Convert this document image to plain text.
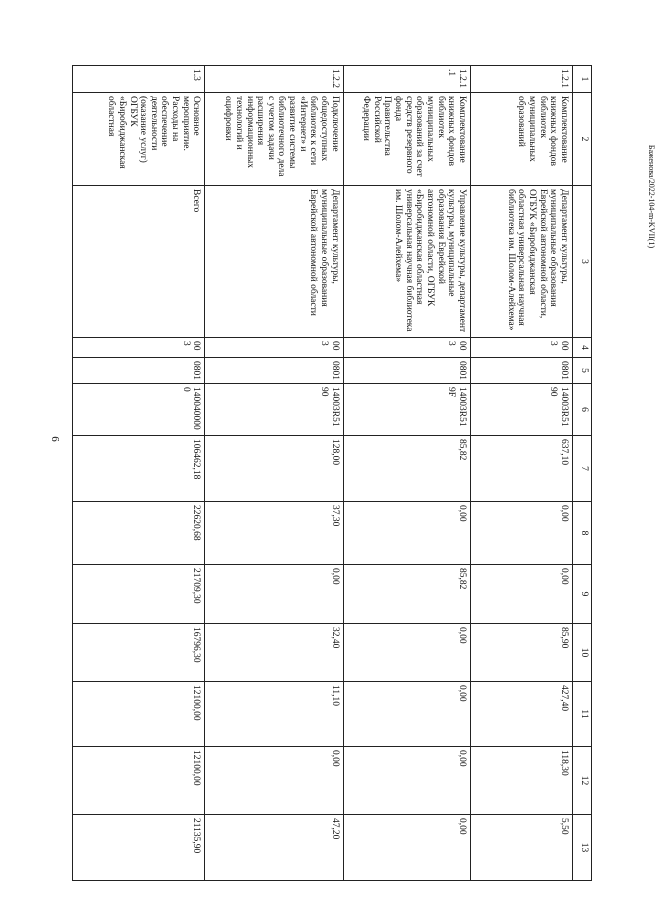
6
Баженова/2022-104-m-KVII(1)
1	2	3	4	5	6	7	8	9	10	11	12	13
1.2.1	Комплектование книжных фондов библиотек муниципальных образований	Департамент культуры, муниципальные образования Еврейской автономной области, ОГБУК «Биробиджанская областная универсальная научная библиотека им. Шолом-Алейхема»	003	0801	14003R51 90	637,10	0,00	0,00	85,90	427,40	118,30	5,50
1.2.1 .1	Комплектование книжных фондов библиотек муниципальных образований за счет средств резервного фонда Правительства Российской Федерации	Управление культуры, департамент культуры, муниципальные образования Еврейской автономной области, ОГБУК «Биробиджанская областная универсальная научная библиотека им. Шолом-Алейхема»	003	0801	14003R51 9F	85,82	0,00	85,82	0,00	0,00	0,00	0,00
1.2.2	Подключение общедоступных библиотек к сети «Интернет» и развитие системы библиотечного дела с учетом задачи расширения информационных технологий и оцифровки	Департамент культуры, муниципальные образования Еврейской автономной области	003	0801	14003R51 90	128,00	37,30	0,00	32,40	11,10	0,00	47,20
1.3	Основное мероприятие. Расходы на обеспечение деятельности (оказание услуг) ОГБУК «Биробиджанская областная	Всего	003	0801	140040000 0	106462,18	22620,68	21709,30	16796,30	12100,00	12100,00	21135,90
